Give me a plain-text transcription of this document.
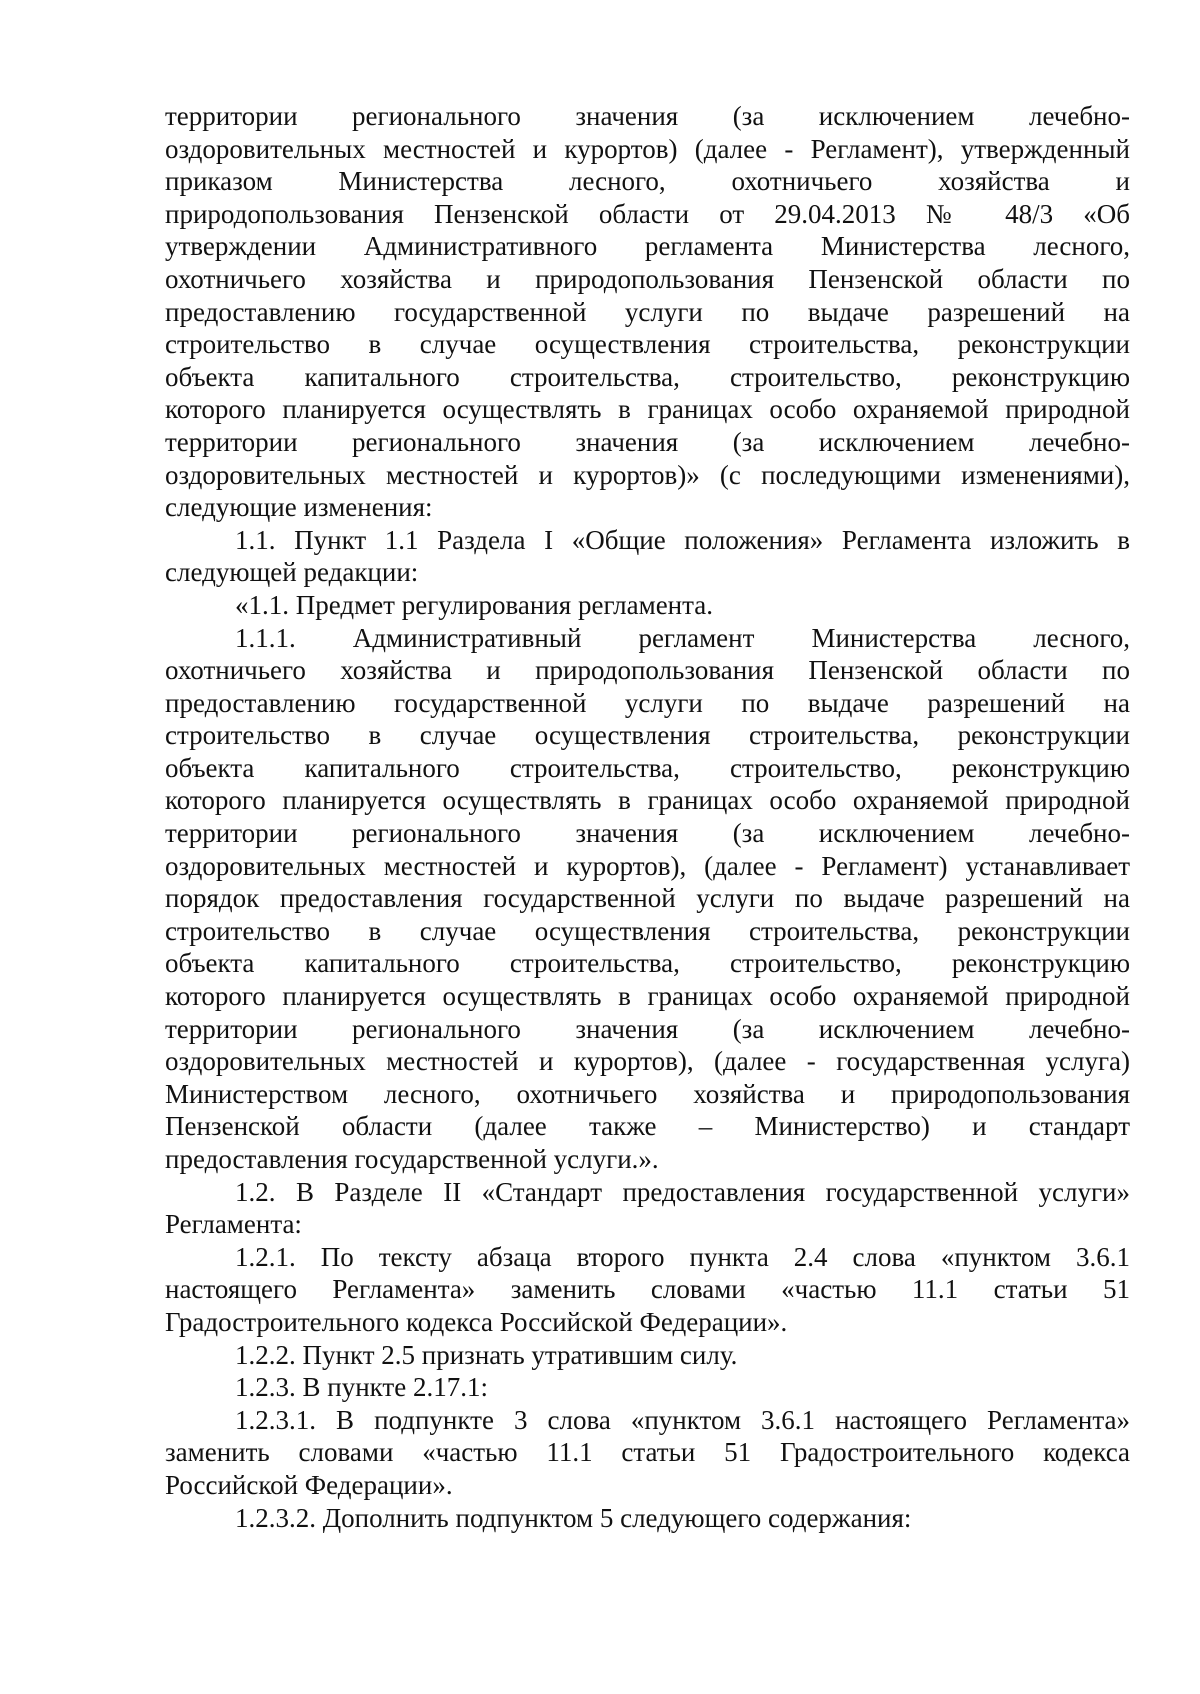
территории регионального значения (за исключением лечебно-
оздоровительных местностей и курортов) (далее - Регламент), утвержденный
приказом Министерства лесного, охотничьего хозяйства и
природопользования Пензенской области от 29.04.2013 № 48/3 «Об
утверждении Административного регламента Министерства лесного,
охотничьего хозяйства и природопользования Пензенской области по
предоставлению государственной услуги по выдаче разрешений на
строительство в случае осуществления строительства, реконструкции
объекта капитального строительства, строительство, реконструкцию
которого планируется осуществлять в границах особо охраняемой природной
территории регионального значения (за исключением лечебно-
оздоровительных местностей и курортов)» (с последующими изменениями),
следующие изменения:
1.1. Пункт 1.1 Раздела I «Общие положения» Регламента изложить в
следующей редакции:
«1.1. Предмет регулирования регламента.
1.1.1. Административный регламент Министерства лесного,
охотничьего хозяйства и природопользования Пензенской области по
предоставлению государственной услуги по выдаче разрешений на
строительство в случае осуществления строительства, реконструкции
объекта капитального строительства, строительство, реконструкцию
которого планируется осуществлять в границах особо охраняемой природной
территории регионального значения (за исключением лечебно-
оздоровительных местностей и курортов), (далее - Регламент) устанавливает
порядок предоставления государственной услуги по выдаче разрешений на
строительство в случае осуществления строительства, реконструкции
объекта капитального строительства, строительство, реконструкцию
которого планируется осуществлять в границах особо охраняемой природной
территории регионального значения (за исключением лечебно-
оздоровительных местностей и курортов), (далее - государственная услуга)
Министерством лесного, охотничьего хозяйства и природопользования
Пензенской области (далее также – Министерство) и стандарт
предоставления государственной услуги.».
1.2. В Разделе II «Стандарт предоставления государственной услуги»
Регламента:
1.2.1. По тексту абзаца второго пункта 2.4 слова «пунктом 3.6.1
настоящего Регламента» заменить словами «частью 11.1 статьи 51
Градостроительного кодекса Российской Федерации».
1.2.2. Пункт 2.5 признать утратившим силу.
1.2.3. В пункте 2.17.1:
1.2.3.1. В подпункте 3 слова «пунктом 3.6.1 настоящего Регламента»
заменить словами «частью 11.1 статьи 51 Градостроительного кодекса
Российской Федерации».
1.2.3.2. Дополнить подпунктом 5 следующего содержания:
